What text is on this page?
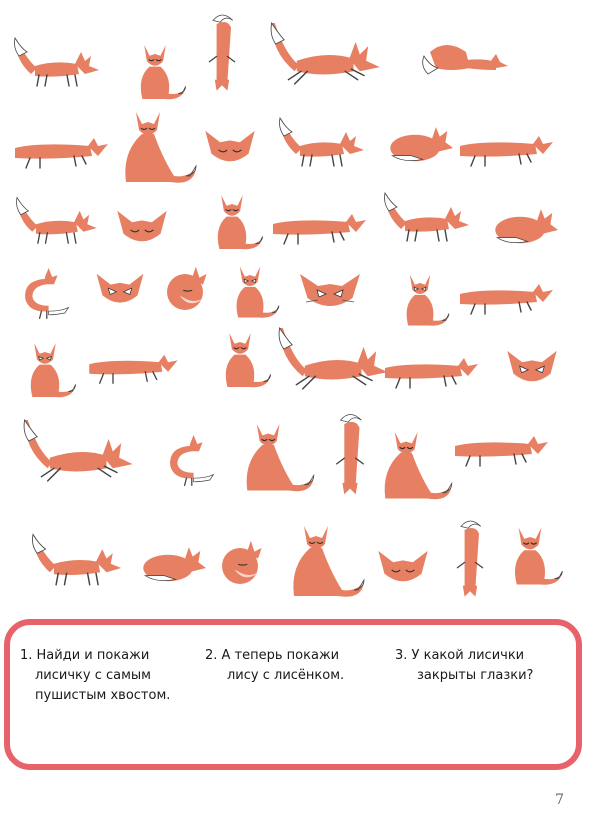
1. Найди и покажи
лисичку с самым
пушистым хвостом.
2. А теперь покажи
лису с лисёнком.
3. У какой лисички
закрыты глазки?
7
